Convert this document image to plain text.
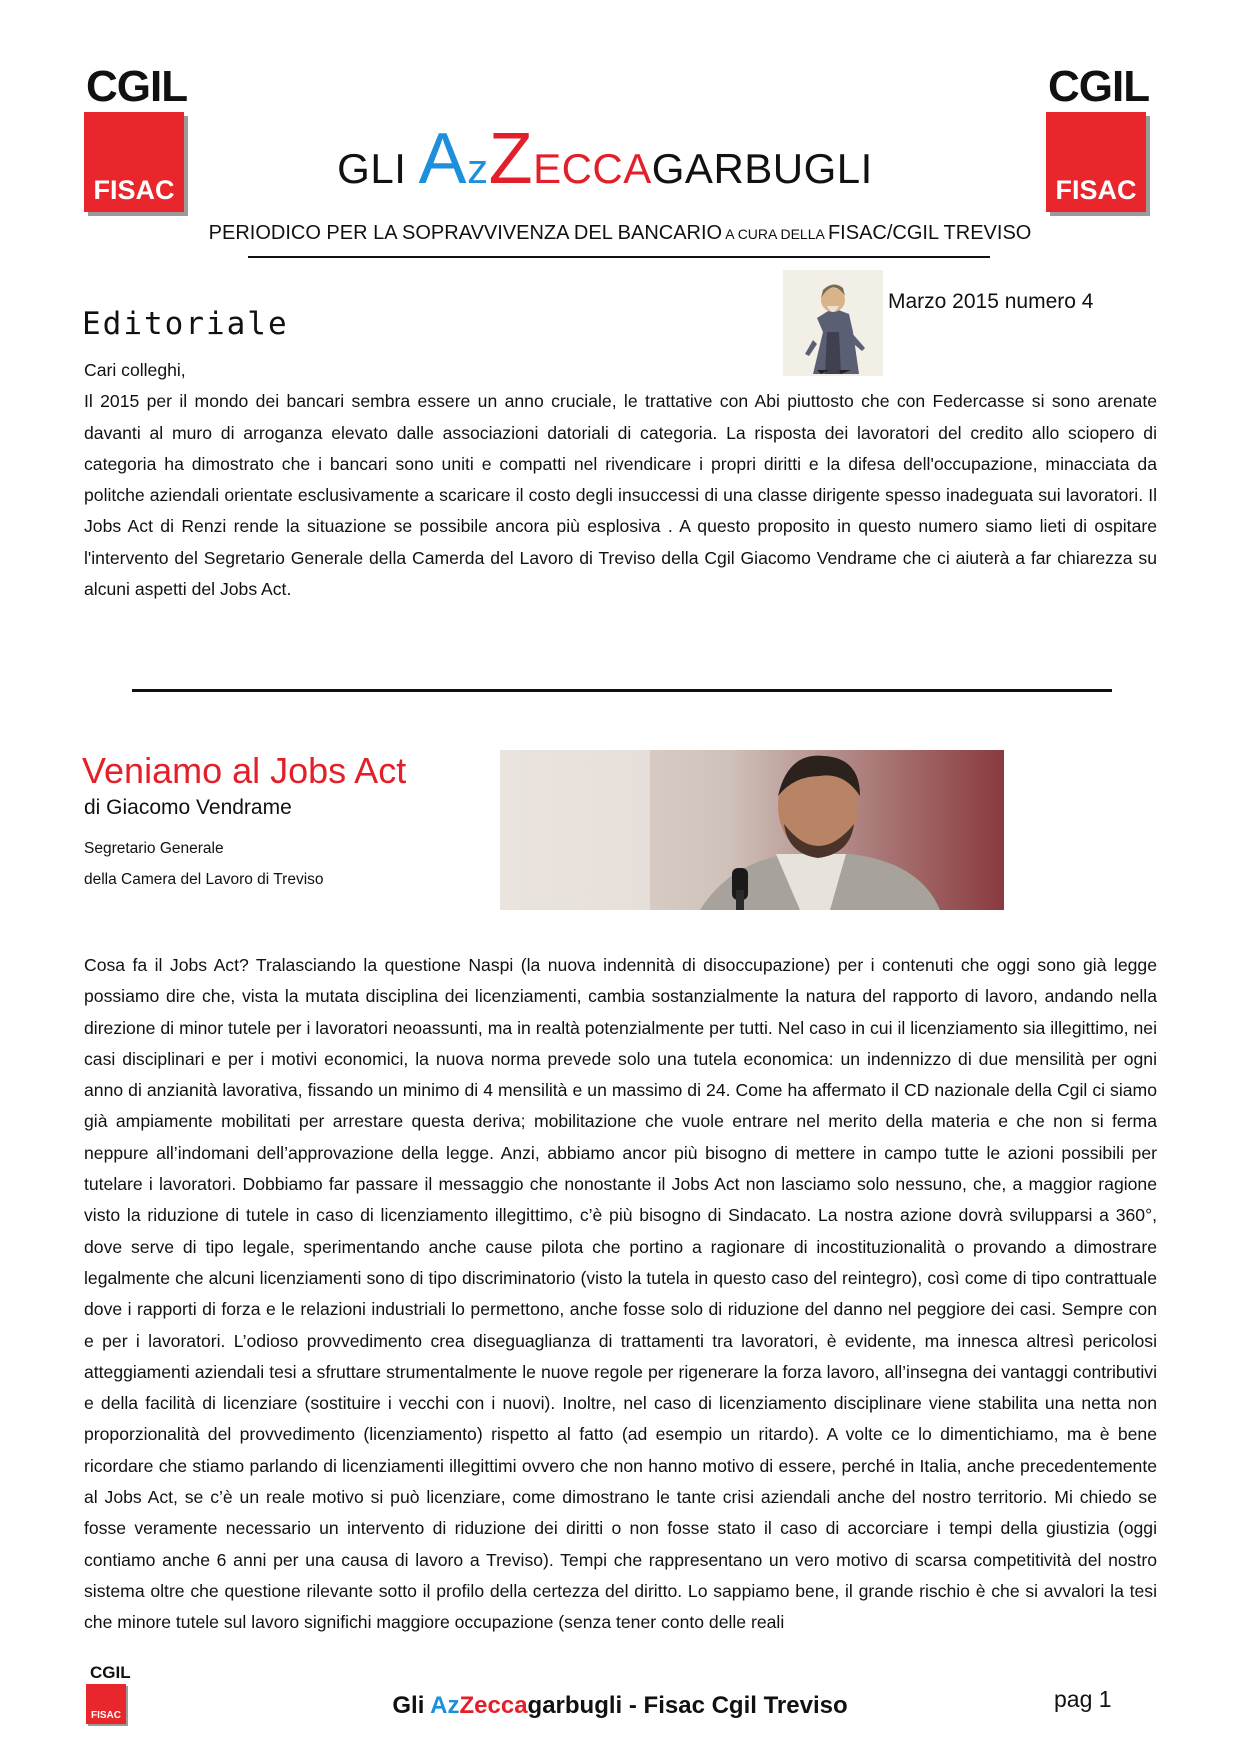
CGIL
FISAC
CGIL
FISAC
GLI AzZECCAGARBUGLI
PERIODICO PER LA SOPRAVVIVENZA DEL BANCARIO A CURA DELLA FISAC/CGIL TREVISO
Editoriale
Marzo 2015 numero 4

Cari colleghi,

Il 2015 per il mondo dei bancari sembra essere un anno cruciale, le trattative con Abi piuttosto che con Federcasse si sono arenate davanti al muro di arroganza elevato dalle associazioni datoriali di categoria. La risposta dei lavoratori del credito allo sciopero di categoria ha dimostrato che i bancari sono uniti e compatti nel rivendicare i propri diritti e la difesa dell'occupazione, minacciata da politche aziendali orientate esclusivamente a scaricare il costo degli insuccessi di una classe dirigente spesso inadeguata sui lavoratori. Il Jobs Act di Renzi rende la situazione se possibile ancora più esplosiva . A questo proposito in questo numero siamo lieti di ospitare l'intervento del Segretario Generale della Camerda del Lavoro di Treviso della Cgil Giacomo Vendrame che ci aiuterà a far chiarezza su alcuni aspetti del Jobs Act.

Veniamo al Jobs Act
di Giacomo Vendrame
Segretario Generale
della Camera del Lavoro di Treviso

Cosa fa il Jobs Act? Tralasciando la questione Naspi (la nuova indennità di disoccupazione) per i contenuti che oggi sono già legge possiamo dire che, vista la mutata disciplina dei licenziamenti, cambia sostanzialmente la natura del rapporto di lavoro, andando nella direzione di minor tutele per i lavoratori neoassunti, ma in realtà potenzialmente per tutti. Nel caso in cui il licenziamento sia illegittimo, nei casi disciplinari e per i motivi economici, la nuova norma prevede solo una tutela economica: un indennizzo di due mensilità per ogni anno di anzianità lavorativa, fissando un minimo di 4 mensilità e un massimo di 24. Come ha affermato il CD nazionale della Cgil ci siamo già ampiamente mobilitati per arrestare questa deriva; mobilitazione che vuole entrare nel merito della materia e che non si ferma neppure all’indomani dell’approvazione della legge. Anzi, abbiamo ancor più bisogno di mettere in campo tutte le azioni possibili per tutelare i lavoratori. Dobbiamo far passare il messaggio che nonostante il Jobs Act non lasciamo solo nessuno, che, a maggior ragione visto la riduzione di tutele in caso di licenziamento illegittimo, c’è più bisogno di Sindacato. La nostra azione dovrà svilupparsi a 360°, dove serve di tipo legale, sperimentando anche cause pilota che portino a ragionare di incostituzionalità o provando a dimostrare legalmente che alcuni licenziamenti sono di tipo discriminatorio (visto la tutela in questo caso del reintegro), così come di tipo contrattuale dove i rapporti di forza e le relazioni industriali lo permettono, anche fosse solo di riduzione del danno nel peggiore dei casi. Sempre con e per i lavoratori. L’odioso provvedimento crea diseguaglianza di trattamenti tra lavoratori, è evidente, ma innesca altresì pericolosi atteggiamenti aziendali tesi a sfruttare strumentalmente le nuove regole per rigenerare la forza lavoro, all’insegna dei vantaggi contributivi e della facilità di licenziare (sostituire i vecchi con i nuovi). Inoltre, nel caso di licenziamento disciplinare viene stabilita una netta non proporzionalità del provvedimento (licenziamento) rispetto al fatto (ad esempio un ritardo). A volte ce lo dimentichiamo, ma è bene ricordare che stiamo parlando di licenziamenti illegittimi ovvero che non hanno motivo di essere, perché in Italia, anche precedentemente al Jobs Act, se c’è un reale motivo si può licenziare, come dimostrano le tante crisi aziendali anche del nostro territorio. Mi chiedo se fosse veramente necessario un intervento di riduzione dei diritti o non fosse stato il caso di accorciare i tempi della giustizia (oggi contiamo anche 6 anni per una causa di lavoro a Treviso). Tempi che rappresentano un vero motivo di scarsa competitività del nostro sistema oltre che questione rilevante sotto il profilo della certezza del diritto. Lo sappiamo bene, il grande rischio è che si avvalori la tesi che minore tutele sul lavoro significhi maggiore occupazione (senza tener conto delle reali

CGIL
FISAC	Gli AzZeccagarbugli - Fisac Cgil Treviso	pag 1
